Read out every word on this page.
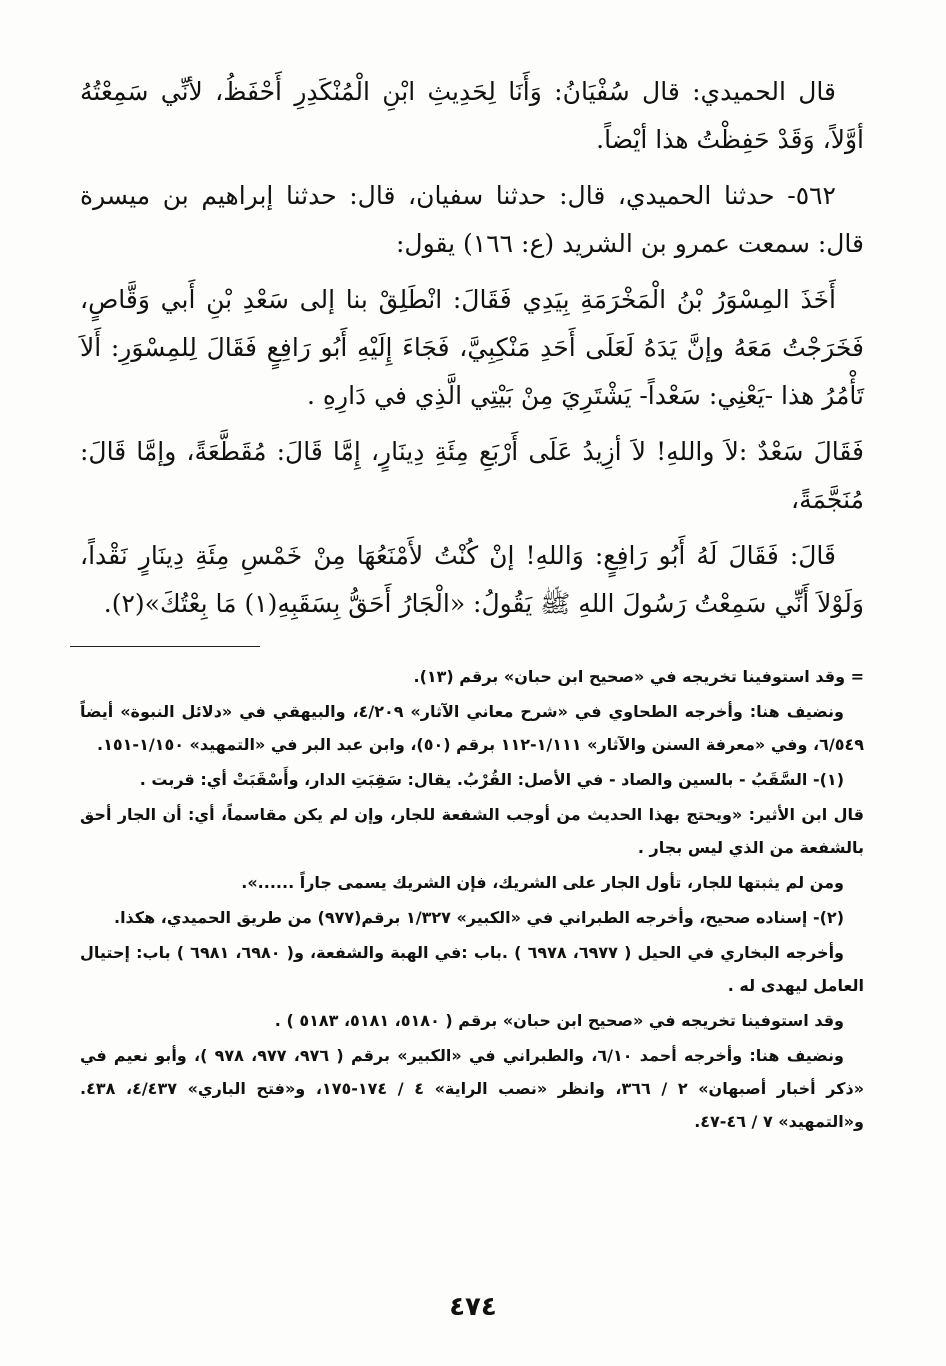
قال الحميدي: قال سُفْيَانُ: وَأَنَا لِحَدِيثِ ابْنِ الْمُنْكَدِرِ أَحْفَظُ، لأنِّي سَمِعْتُهُ أوَّلاً، وَقَدْ حَفِظْتُ هذا أيْضاً.

٥٦٢- حدثنا الحميدي، قال: حدثنا سفيان، قال: حدثنا إبراهيم بن ميسرة قال: سمعت عمرو بن الشريد (ع: ١٦٦) يقول:

أَخَذَ المِسْوَرُ بْنُ الْمَخْرَمَةِ بِيَدِي فَقَالَ: انْطَلِقْ بنا إلى سَعْدِ بْنِ أَبي وَقَّاصٍ، فَخَرَجْتُ مَعَهُ وإنَّ يَدَهُ لَعَلَى أَحَدِ مَنْكِبِيَّ، فَجَاءَ إِلَيْهِ أَبُو رَافِعٍ فَقَالَ لِلمِسْوَرِ: أَلاَ تَأْمُرُ هذا -يَعْنِي: سَعْداً- يَشْتَرِيَ مِنْ بَيْتِي الَّذِي في دَارِهِ .

فَقَالَ سَعْدٌ :لاَ واللهِ! لاَ أزِيدُ عَلَى أَرْبَعِ مِئَةِ دِينَارٍ، إِمَّا قَالَ: مُقَطَّعَةً، وإمَّا قَالَ: مُنَجَّمَةً،

قَالَ: فَقَالَ لَهُ أَبُو رَافِعٍ: وَاللهِ! إنْ كُنْتُ لأَمْنَعُهَا مِنْ خَمْسِ مِئَةِ دِينَارٍ نَقْداً، وَلَوْلاَ أَنِّي سَمِعْتُ رَسُولَ اللهِ ﷺ يَقُولُ: «الْجَارُ أَحَقُّ بِسَقَبِهِ(١) مَا بِعْتُكَ»(٢).

= وقد استوفينا تخريجه في «صحيح ابن حبان» برقم (١٣).

ونضيف هنا: وأخرجه الطحاوي في «شرح معاني الآثار» ٤/٢٠٩، والبيهقي في «دلائل النبوة» أيضاً ٦/٥٤٩، وفي «معرفة السنن والآثار» ١/١١١-١١٢ برقم (٥٠)، وابن عبد البر في «التمهيد» ١/١٥٠-١٥١.

(١)- السَّقَبُ - بالسين والصاد - في الأصل: القُرْبُ. يقال: سَقِبَتِ الدار، وأَسْقَبَتْ أي: قربت .

قال ابن الأثير: «ويحتج بهذا الحديث من أوجب الشفعة للجار، وإن لم يكن مقاسماً، أي: أن الجار أحق بالشفعة من الذي ليس بجار .

ومن لم يثبتها للجار، تأول الجار على الشريك، فإن الشريك يسمى جاراً ......».

(٢)- إسناده صحيح، وأخرجه الطبراني في «الكبير» ١/٣٢٧ برقم(٩٧٧) من طريق الحميدي، هكذا.

وأخرجه البخاري في الحيل ( ٦٩٧٧، ٦٩٧٨ ) .باب :في الهبة والشفعة، و( ٦٩٨٠، ٦٩٨١ ) باب: إحتيال العامل ليهدى له .

وقد استوفينا تخريجه في «صحيح ابن حبان» برقم ( ٥١٨٠، ٥١٨١، ٥١٨٣ ) .

ونضيف هنا: وأخرجه أحمد ٦/١٠، والطبراني في «الكبير» برقم ( ٩٧٦، ٩٧٧، ٩٧٨ )، وأبو نعيم في «ذكر أخبار أصبهان» ٢ / ٣٦٦، وانظر «نصب الراية» ٤ / ١٧٤-١٧٥، و«فتح الباري» ٤/٤٣٧، ٤٣٨. و«التمهيد» ٧ / ٤٦-٤٧.

٤٧٤
